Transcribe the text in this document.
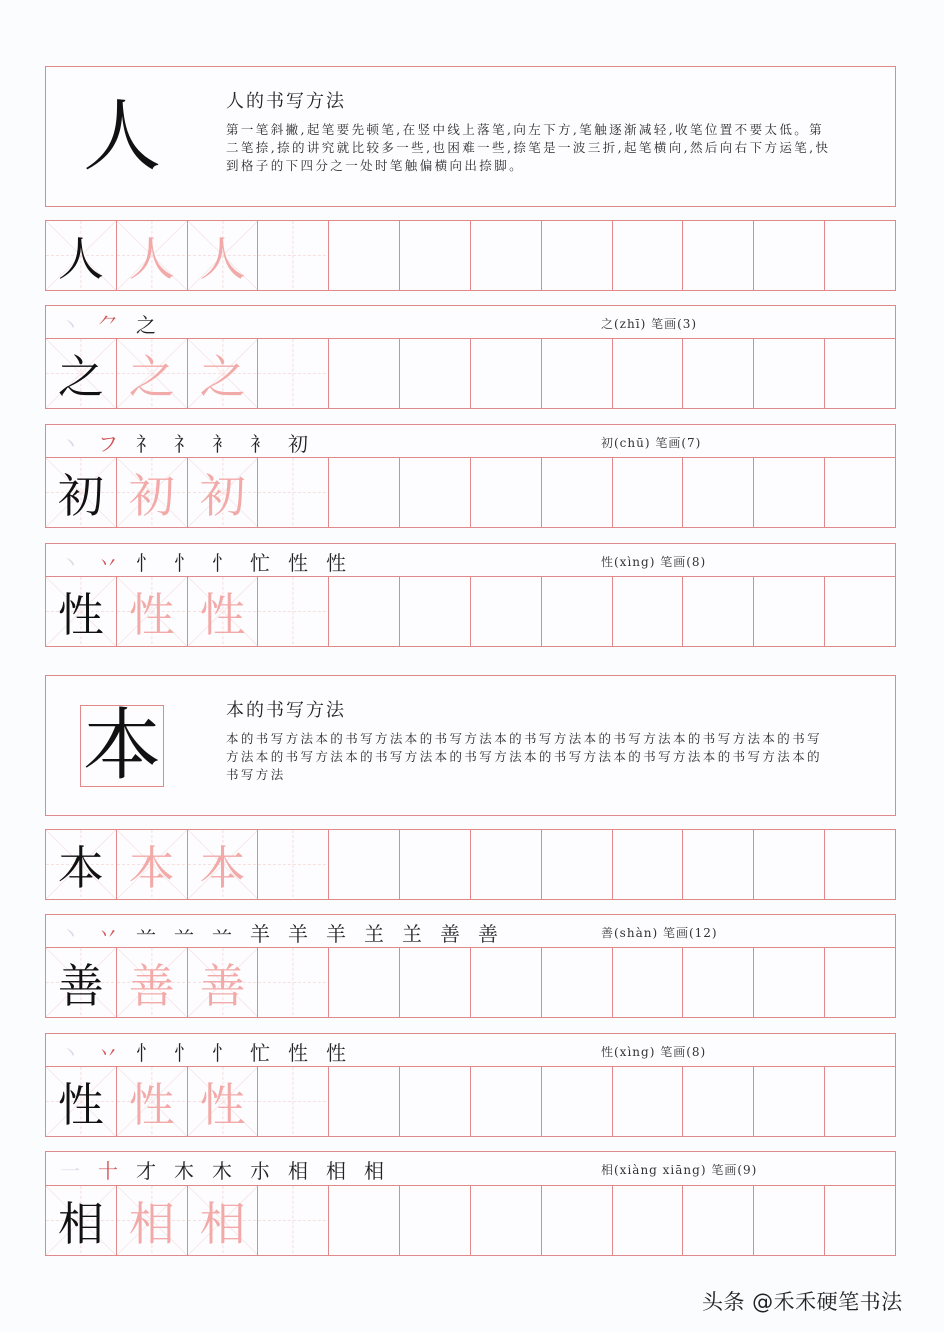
人	人的书写方法
第一笔斜撇,起笔要先顿笔,在竖中线上落笔,向左下方,笔触逐渐减轻,收笔位置不要太低。第二笔捺,捺的讲究就比较多一些,也困难一些,捺笔是一波三折,起笔横向,然后向右下方运笔,快到格子的下四分之一处时笔触偏横向出捺脚。
人 人 人
丶 ⺈ 之	之(zhī) 笔画(3)
之 之 之
丶 フ 礻 礻 衤 衤 初	初(chū) 笔画(7)
初 初 初
丶 丷 忄 忄 忄 忙 性 性	性(xìng) 笔画(8)
性 性 性
本	本的书写方法
本的书写方法本的书写方法本的书写方法本的书写方法本的书写方法本的书写方法本的书写方法本的书写方法本的书写方法本的书写方法本的书写方法本的书写方法本的书写方法本的书写方法
本 本 本
丶 丷 䒑 䒑 䒑 羊 羊 羊 𦍌 𦍌 善 善	善(shàn) 笔画(12)
善 善 善
丶 丷 忄 忄 忄 忙 性 性	性(xìng) 笔画(8)
性 性 性
一 十 才 木 木 朩 相 相 相	相(xiàng xiāng) 笔画(9)
相 相 相
头条 @禾禾硬笔书法
